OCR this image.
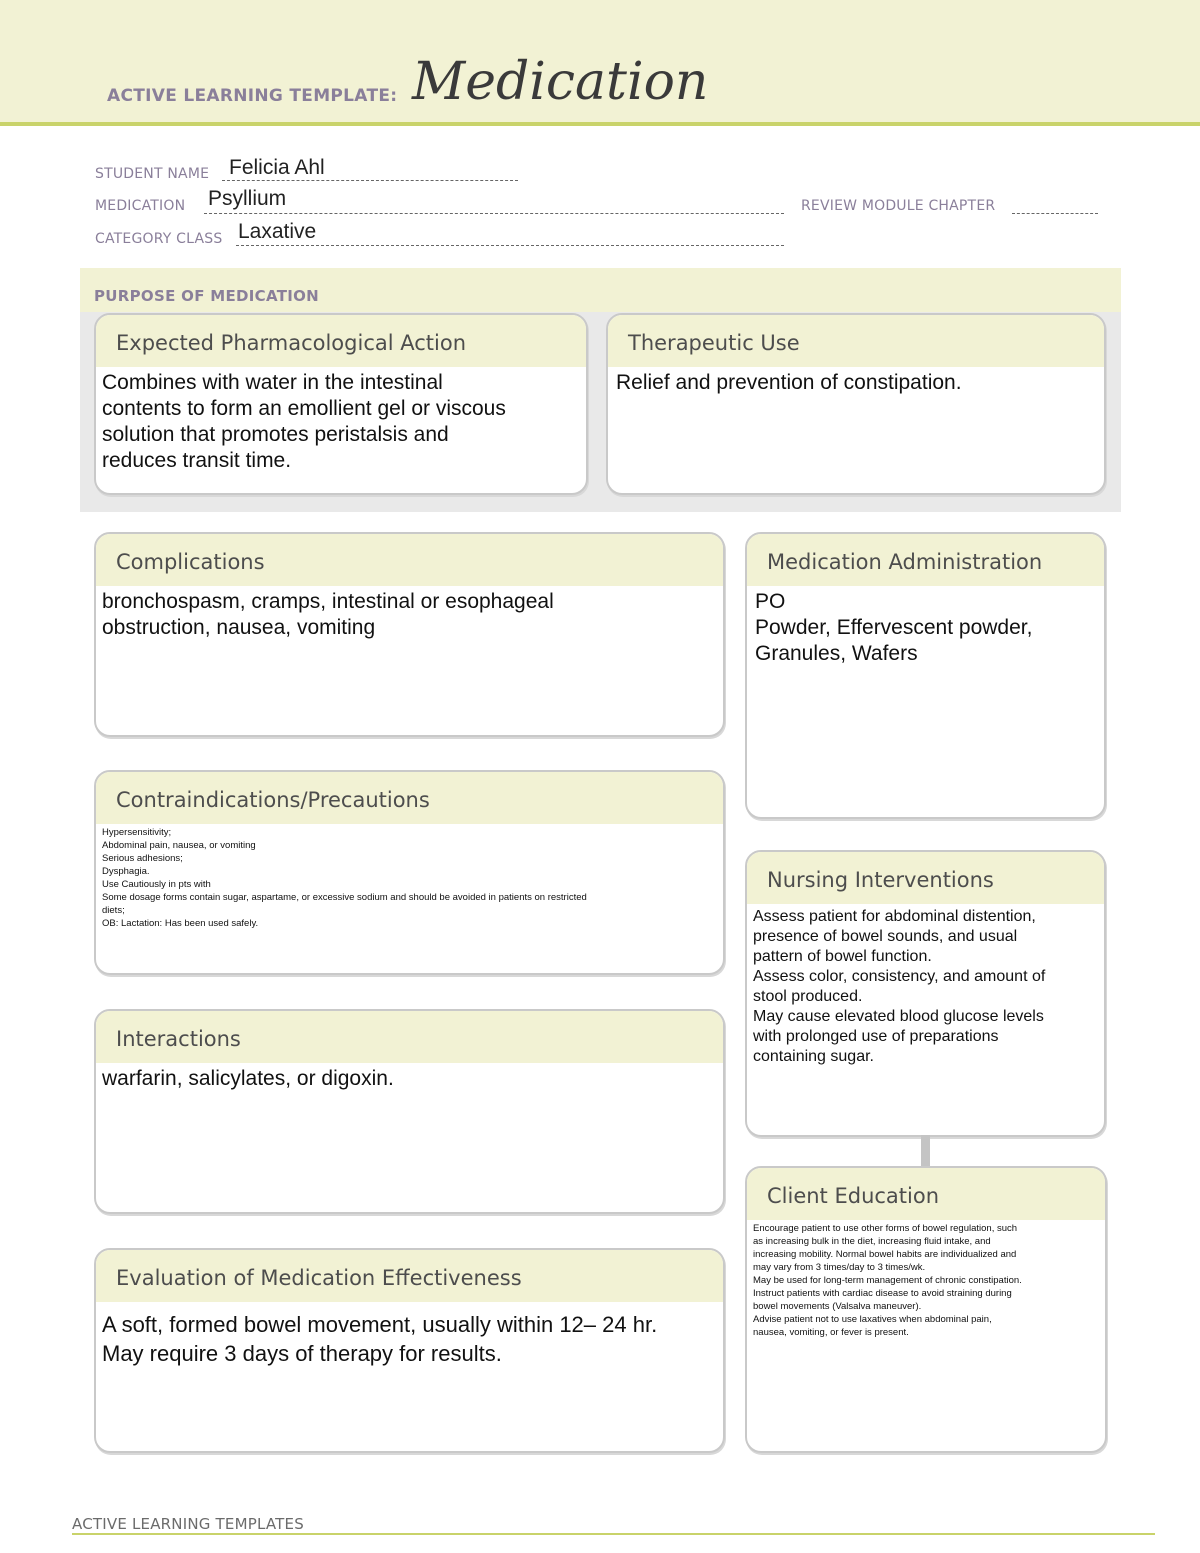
ACTIVE LEARNING TEMPLATE: Medication
STUDENT NAME Felicia Ahl
MEDICATION Psyllium	REVIEW MODULE CHAPTER
CATEGORY CLASS Laxative
PURPOSE OF MEDICATION
Expected Pharmacological Action
Combines with water in the intestinal
contents to form an emollient gel or viscous
solution that promotes peristalsis and
reduces transit time.
Therapeutic Use
Relief and prevention of constipation.
Complications
bronchospasm, cramps, intestinal or esophageal
obstruction, nausea, vomiting
Medication Administration
PO
Powder, Effervescent powder,
Granules, Wafers
Contraindications/Precautions
Hypersensitivity;
Abdominal pain, nausea, or vomiting
Serious adhesions;
Dysphagia.
Use Cautiously in pts with
Some dosage forms contain sugar, aspartame, or excessive sodium and should be avoided in patients on restricted
diets;
OB: Lactation: Has been used safely.
Nursing Interventions
Assess patient for abdominal distention,
presence of bowel sounds, and usual
pattern of bowel function.
Assess color, consistency, and amount of
stool produced.
May cause elevated blood glucose levels
with prolonged use of preparations
containing sugar.
Interactions
warfarin, salicylates, or digoxin.
Client Education
Encourage patient to use other forms of bowel regulation, such
as increasing bulk in the diet, increasing fluid intake, and
increasing mobility. Normal bowel habits are individualized and
may vary from 3 times/day to 3 times/wk.
May be used for long-term management of chronic constipation.
Instruct patients with cardiac disease to avoid straining during
bowel movements (Valsalva maneuver).
Advise patient not to use laxatives when abdominal pain,
nausea, vomiting, or fever is present.
Evaluation of Medication Effectiveness
A soft, formed bowel movement, usually within 12– 24 hr.
May require 3 days of therapy for results.
ACTIVE LEARNING TEMPLATES
